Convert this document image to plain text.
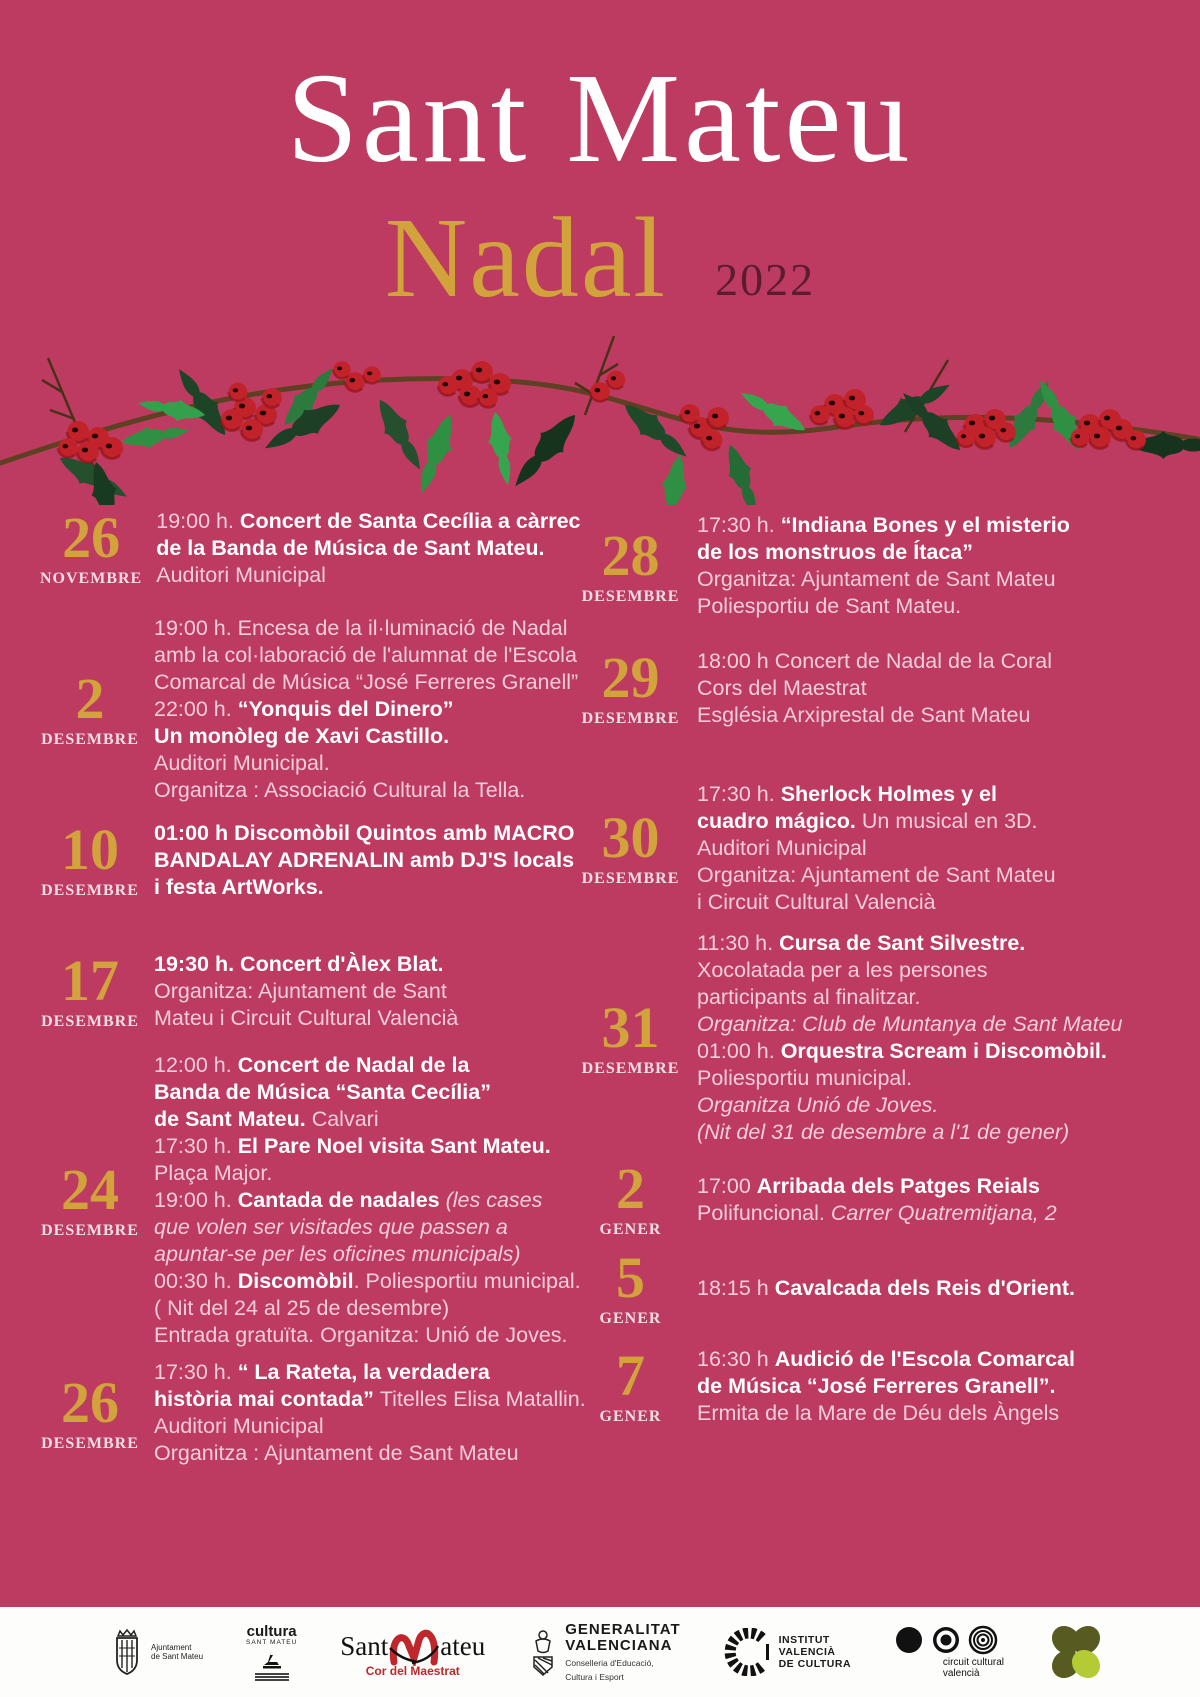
Sant Mateu
Nadal 2022
26
NOVEMBRE
19:00 h. Concert de Santa Cecília a càrrec
de la Banda de Música de Sant Mateu.
Auditori Municipal
2
DESEMBRE
19:00 h. Encesa de la il·luminació de Nadal
amb la col·laboració de l'alumnat de l'Escola
Comarcal de Música “José Ferreres Granell”
22:00 h. “Yonquis del Dinero”
Un monòleg de Xavi Castillo.
Auditori Municipal.
Organitza : Associació Cultural la Tella.
10
DESEMBRE
01:00 h Discomòbil Quintos amb MACRO
BANDALAY ADRENALIN amb DJ'S locals
i festa ArtWorks.
17
DESEMBRE
19:30 h. Concert d'Àlex Blat.
Organitza: Ajuntament de Sant
Mateu i Circuit Cultural Valencià
24
DESEMBRE
12:00 h. Concert de Nadal de la
Banda de Música “Santa Cecília”
de Sant Mateu. Calvari
17:30 h. El Pare Noel visita Sant Mateu.
Plaça Major.
19:00 h. Cantada de nadales (les cases
que volen ser visitades que passen a
apuntar-se per les oficines municipals)
00:30 h. Discomòbil. Poliesportiu municipal.
( Nit del 24 al 25 de desembre)
Entrada gratuïta. Organitza: Unió de Joves.
26
DESEMBRE
17:30 h. “ La Rateta, la verdadera
història mai contada” Titelles Elisa Matallin.
Auditori Municipal
Organitza : Ajuntament de Sant Mateu
28
DESEMBRE
17:30 h. “Indiana Bones y el misterio
de los monstruos de Ítaca”
Organitza: Ajuntament de Sant Mateu
Poliesportiu de Sant Mateu.
29
DESEMBRE
18:00 h Concert de Nadal de la Coral
Cors del Maestrat
Església Arxiprestal de Sant Mateu
30
DESEMBRE
17:30 h. Sherlock Holmes y el
cuadro mágico. Un musical en 3D.
Auditori Municipal
Organitza: Ajuntament de Sant Mateu
i Circuit Cultural Valencià
31
DESEMBRE
11:30 h. Cursa de Sant Silvestre.
Xocolatada per a les persones
participants al finalitzar.
Organitza: Club de Muntanya de Sant Mateu
01:00 h. Orquestra Scream i Discomòbil.
Poliesportiu municipal.
Organitza Unió de Joves.
(Nit del 31 de desembre a l'1 de gener)
2
GENER
17:00 Arribada dels Patges Reials
Polifuncional. Carrer Quatremitjana, 2
5
GENER
18:15 h Cavalcada dels Reis d'Orient.
7
GENER
16:30 h Audició de l'Escola Comarcal
de Música “José Ferreres Granell”.
Ermita de la Mare de Déu dels Àngels
Ajuntament
de Sant Mateu
cultura
SANT MATEU Sant ateu
Cor del Maestrat
GENERALITAT
VALENCIANA
Conselleria d'Educació,
Cultura i Esport
INSTITUT
VALENCIÀ
DE CULTURA	circuit cultural
valencià
